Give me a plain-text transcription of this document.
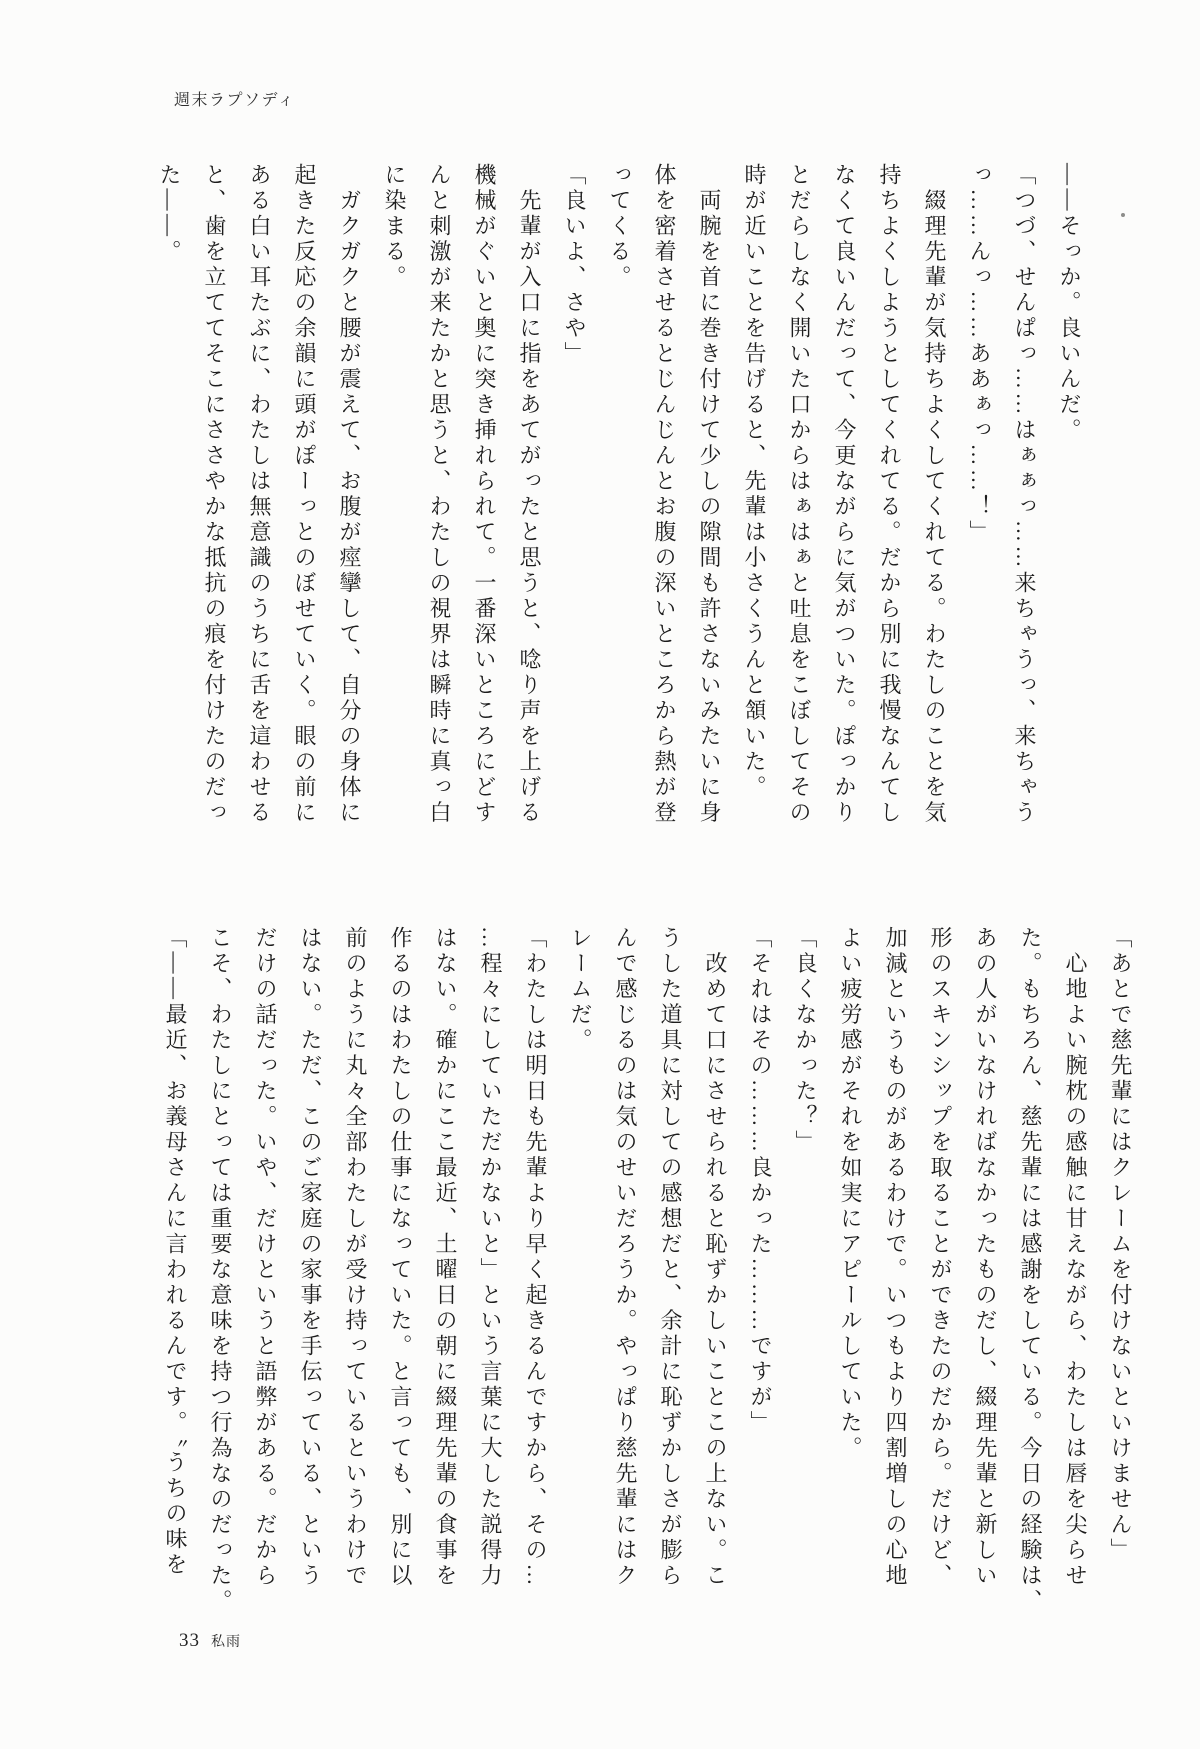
週末ラプソディ
――そっか。良いんだ。
「つづ、せんぱっ……はぁぁっ……来ちゃうっ、来ちゃう
っ……んっ……ああぁっ……！」
　綴理先輩が気持ちよくしてくれてる。わたしのことを気
持ちよくしようとしてくれてる。だから別に我慢なんてし
なくて良いんだって、今更ながらに気がついた。ぽっかり
とだらしなく開いた口からはぁはぁと吐息をこぼしてその
時が近いことを告げると、先輩は小さくうんと頷いた。
　両腕を首に巻き付けて少しの隙間も許さないみたいに身
体を密着させるとじんじんとお腹の深いところから熱が登
ってくる。
「良いよ、さや」
　先輩が入口に指をあてがったと思うと、唸り声を上げる
機械がぐいと奥に突き挿れられて。一番深いところにどす
んと刺激が来たかと思うと、わたしの視界は瞬時に真っ白
に染まる。
　ガクガクと腰が震えて、お腹が痙攣して、自分の身体に
起きた反応の余韻に頭がぽーっとのぼせていく。眼の前に
ある白い耳たぶに、わたしは無意識のうちに舌を這わせる
と、歯を立ててそこにささやかな抵抗の痕を付けたのだっ
た――。
「あとで慈先輩にはクレームを付けないといけません」
　心地よい腕枕の感触に甘えながら、わたしは唇を尖らせ
た。もちろん、慈先輩には感謝をしている。今日の経験は、
あの人がいなければなかったものだし、綴理先輩と新しい
形のスキンシップを取ることができたのだから。だけど、
加減というものがあるわけで。いつもより四割増しの心地
よい疲労感がそれを如実にアピールしていた。
「良くなかった？」
「それはその………良かった………ですが」
　改めて口にさせられると恥ずかしいことこの上ない。こ
うした道具に対しての感想だと、余計に恥ずかしさが膨ら
んで感じるのは気のせいだろうか。やっぱり慈先輩にはク
レームだ。
「わたしは明日も先輩より早く起きるんですから、その…
…程々にしていただかないと」という言葉に大した説得力
はない。確かにここ最近、土曜日の朝に綴理先輩の食事を
作るのはわたしの仕事になっていた。と言っても、別に以
前のように丸々全部わたしが受け持っているというわけで
はない。ただ、このご家庭の家事を手伝っている、という
だけの話だった。いや、だけというと語弊がある。だから
こそ、わたしにとっては重要な意味を持つ行為なのだった。
「――最近、お義母さんに言われるんです。〝うちの味を
33 私雨
